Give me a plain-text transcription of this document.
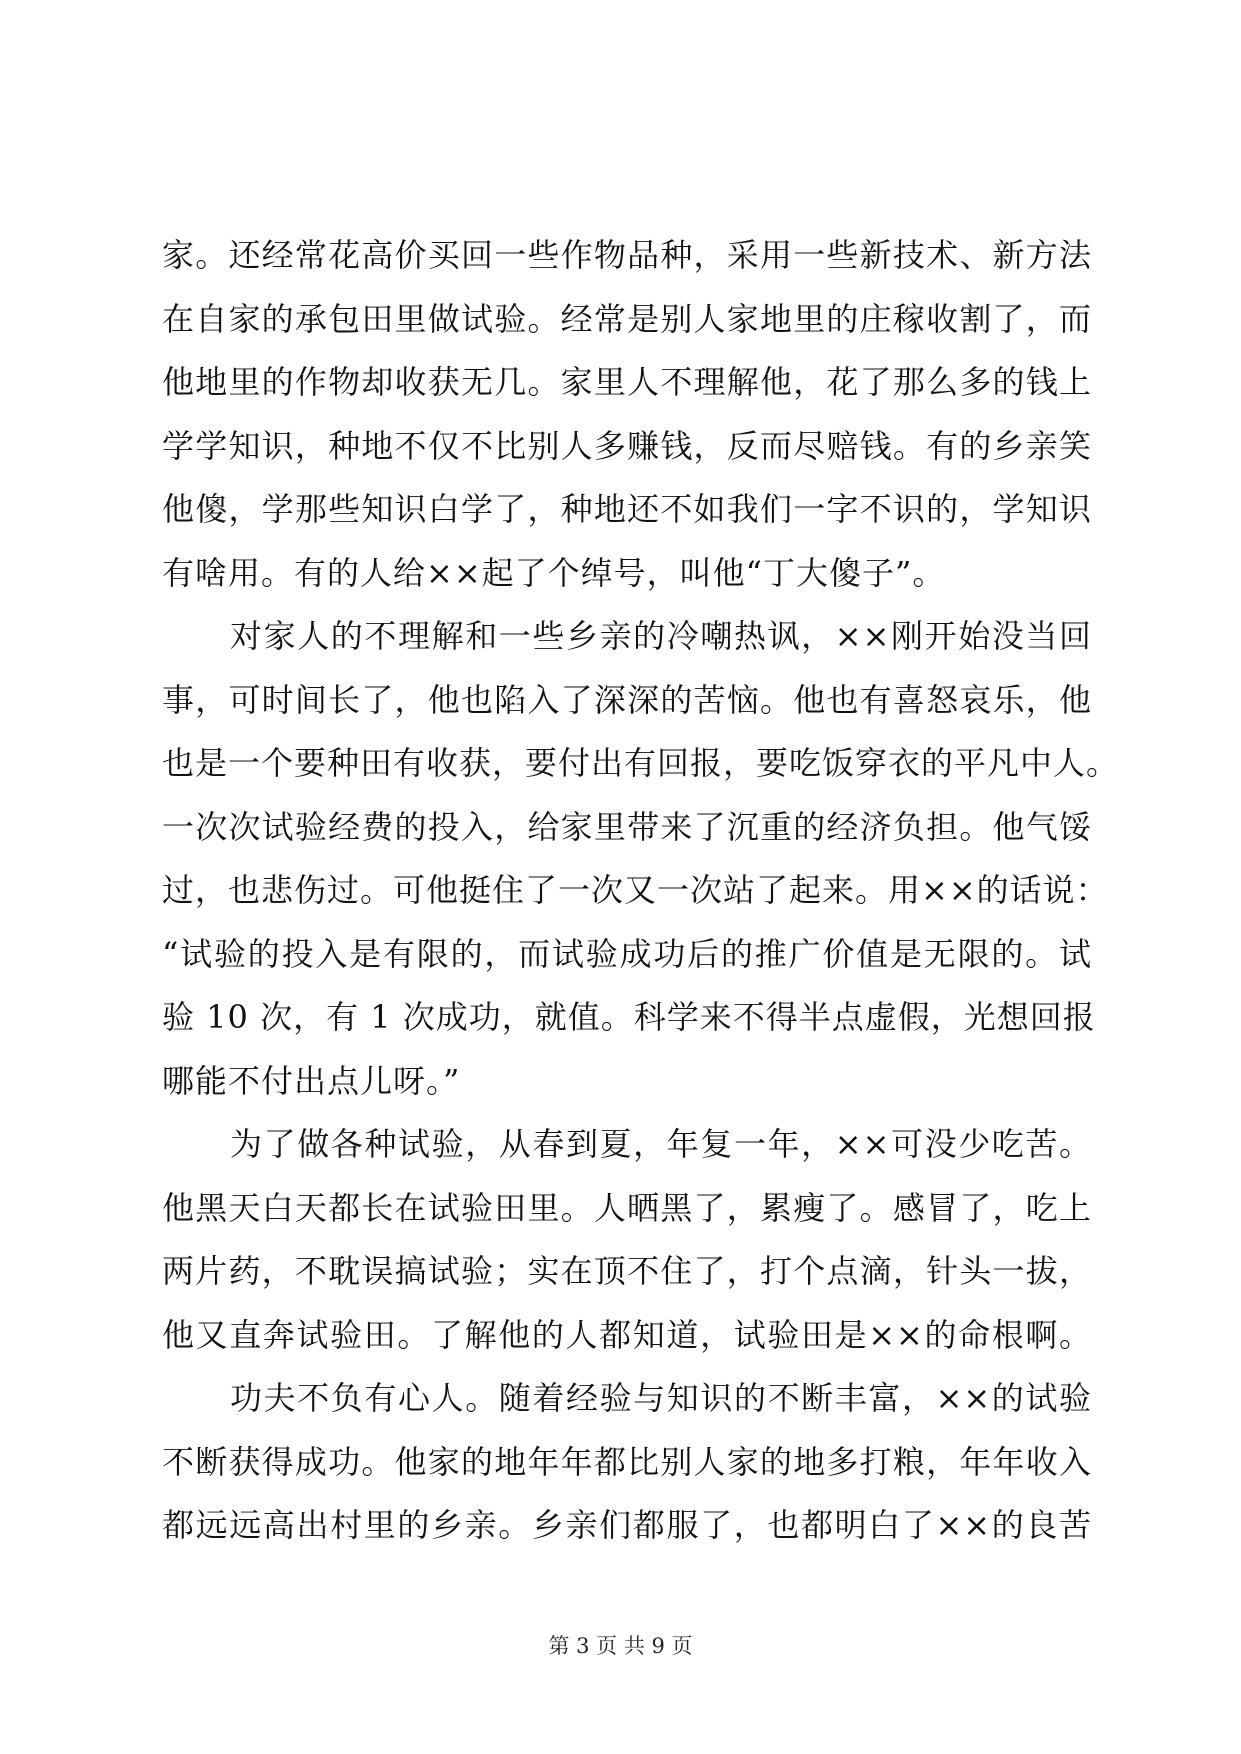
家。还经常花高价买回一些作物品种，采用一些新技术、新方法
在自家的承包田里做试验。经常是别人家地里的庄稼收割了，而
他地里的作物却收获无几。家里人不理解他，花了那么多的钱上
学学知识，种地不仅不比别人多赚钱，反而尽赔钱。有的乡亲笑
他傻，学那些知识白学了，种地还不如我们一字不识的，学知识
有啥用。有的人给××起了个绰号，叫他“丁大傻子”。
对家人的不理解和一些乡亲的冷嘲热讽，××刚开始没当回
事，可时间长了，他也陷入了深深的苦恼。他也有喜怒哀乐，他
也是一个要种田有收获，要付出有回报，要吃饭穿衣的平凡中人。
一次次试验经费的投入，给家里带来了沉重的经济负担。他气馁
过，也悲伤过。可他挺住了一次又一次站了起来。用××的话说：
“试验的投入是有限的，而试验成功后的推广价值是无限的。试
验 10 次，有 1 次成功，就值。科学来不得半点虚假，光想回报
哪能不付出点儿呀。”
为了做各种试验，从春到夏，年复一年，××可没少吃苦。
他黑天白天都长在试验田里。人晒黑了，累瘦了。感冒了，吃上
两片药，不耽误搞试验；实在顶不住了，打个点滴，针头一拔，
他又直奔试验田。了解他的人都知道，试验田是××的命根啊。
功夫不负有心人。随着经验与知识的不断丰富，××的试验
不断获得成功。他家的地年年都比别人家的地多打粮，年年收入
都远远高出村里的乡亲。乡亲们都服了，也都明白了××的良苦
第 3 页 共 9 页
